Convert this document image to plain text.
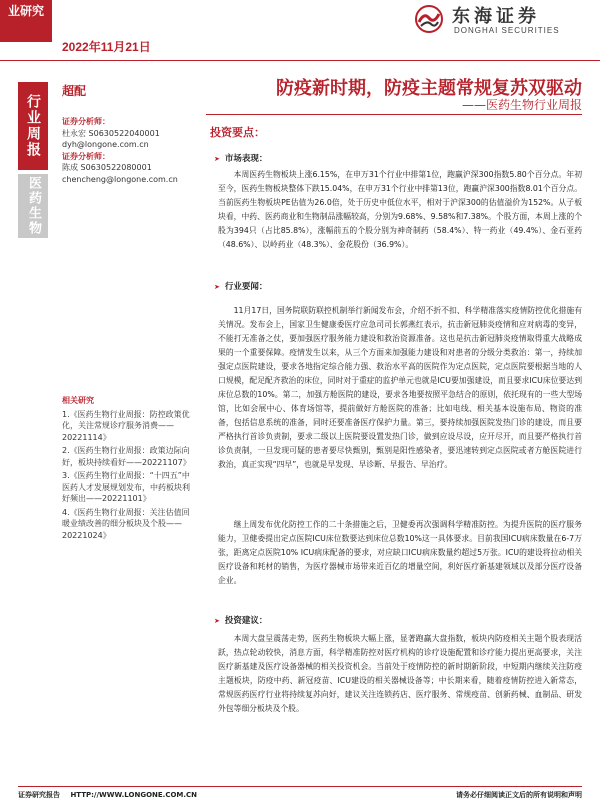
业研究
2022年11月21日
东海证券
DONGHAI SECURITIES
行业周报
医药生物
超配	防疫新时期，防疫主题常规复苏双驱动
——医药生物行业周报
证券分析师：
杜永宏 S0630522040001
dyh@longone.com.cn
证券分析师：
陈成 S0630522080001
chencheng@longone.com.cn
相关研究
1.《医药生物行业周报：防控政策优化，关注常规诊疗服务消费——20221114》
2.《医药生物行业周报：政策边际向好，板块持续看好——20221107》
3.《医药生物行业周报：“十四五”中医药人才发展规划发布，中药板块利好频出——20221101》
4.《医药生物行业周报：关注估值回暖业绩改善的细分板块及个股——20221024》
投资要点：
➤ 市场表现：
本周医药生物板块上涨6.15%，在申万31个行业中排第1位，跑赢沪深300指数5.80个百分点。年初至今，医药生物板块整体下跌15.04%，在申万31个行业中排第13位，跑赢沪深300指数8.01个百分点。当前医药生物板块PE估值为26.0倍，处于历史中低位水平，相对于沪深300的估值溢价为152%。从子板块看，中药、医药商业和生物制品涨幅较高，分别为9.68%、9.58%和7.38%。个股方面，本周上涨的个股为394只（占比85.8%），涨幅前五的个股分别为神奇制药（58.4%）、特一药业（49.4%）、金石亚药（48.6%）、以岭药业（48.3%）、金花股份（36.9%）。
➤ 行业要闻：
11月17日，国务院联防联控机制举行新闻发布会，介绍不折不扣、科学精准落实疫情防控优化措施有关情况。发布会上，国家卫生健康委医疗应急司司长郭燕红表示，抗击新冠肺炎疫情和应对病毒的变异，不能打无准备之仗，要加强医疗服务能力建设和救治资源准备。这也是抗击新冠肺炎疫情取得重大战略成果的一个重要保障。疫情发生以来，从三个方面来加强能力建设和对患者的分级分类救治：第一，持续加强定点医院建设，要求各地指定综合能力强、救治水平高的医院作为定点医院，定点医院要根据当地的人口规模，配足配齐救治的床位，同时对于重症的监护单元也就是ICU要加强建设，而且要求ICU床位要达到床位总数的10%。第二，加强方舱医院的建设，要求各地要按照平急结合的原则，依托现有的一些大型场馆，比如会展中心、体育场馆等，提前做好方舱医院的准备；比如电线、相关基本设施布局、物资的准备，包括信息系统的准备，同时还要准备医疗保护力量。第三，要持续加强医院发热门诊的建设，而且要严格执行首诊负责制，要求二级以上医院要设置发热门诊，做到应设尽设，应开尽开，而且要严格执行首诊负责制，一旦发现可疑的患者要尽快甄别，甄别是阳性感染者，要迅速转到定点医院或者方舱医院进行救治，真正实现“四早”，也就是早发现、早诊断、早报告、早治疗。
继上周发布优化防控工作的二十条措施之后，卫健委再次强调科学精准防控。为提升医院的医疗服务能力，卫健委提出定点医院ICU床位数要达到床位总数10%这一具体要求。目前我国ICU病床数量在6-7万张，距离定点医院10% ICU病床配备的要求，对应缺口ICU病床数量约超过5万张。ICU的建设将拉动相关医疗设备和耗材的销售，为医疗器械市场带来近百亿的增量空间，利好医疗新基建领域以及部分医疗设备企业。
➤ 投资建议：
本周大盘呈震荡走势，医药生物板块大幅上涨，显著跑赢大盘指数，板块内防疫相关主题个股表现活跃，热点轮动较快，消息方面，科学精准防控对医疗机构的诊疗设施配置和诊疗能力提出更高要求，关注医疗新基建及医疗设备器械的相关投资机会。当前处于疫情防控的新时期新阶段，中短期内继续关注防疫主题板块，防疫中药、新冠疫苗、ICU建设的相关器械设备等；中长期来看，随着疫情防控进入新常态，常规医药医疗行业将持续复苏向好，建议关注连锁药店、医疗服务、常规疫苗、创新药械、血制品、研发外包等细分板块及个股。
证券研究报告 HTTP://WWW.LONGONE.COM.CN	请务必仔细阅读正文后的所有说明和声明
